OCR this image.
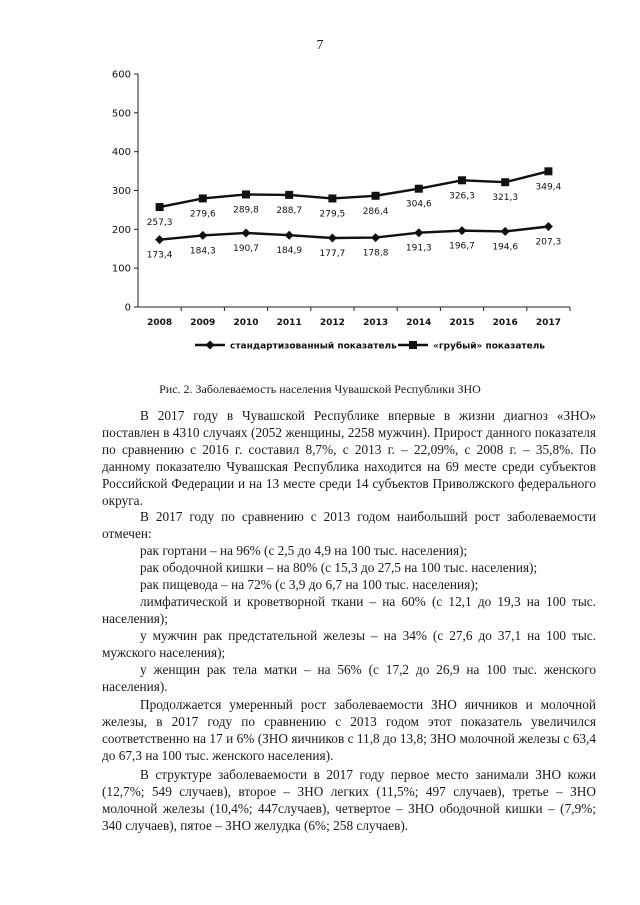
7
0
100
200
300
400
500
600
2008 2009 2010 2011 2012 2013 2014 2015 2016 2017
173,4 184,3 190,7 184,9 177,7 178,8 191,3 196,7 194,6 207,3
257,3
279,6 289,8 288,7 279,5 286,4
304,6
326,3 321,3
349,4
стандартизованный показатель	«грубый» показатель
Рис. 2. Заболеваемость населения Чувашской Республики ЗНО

В 2017 году в Чувашской Республике впервые в жизни диагноз «ЗНО» поставлен в 4310 случаях (2052 женщины, 2258 мужчин). Прирост данного показателя по сравнению с 2016 г. составил 8,7%, с 2013 г. – 22,09%, с 2008 г. – 35,8%. По данному показателю Чувашская Республика находится на 69 месте среди субъектов Российской Федерации и на 13 месте среди 14 субъектов Приволжского федерального округа.

В 2017 году по сравнению с 2013 годом наибольший рост заболеваемости отмечен:

рак гортани – на 96% (с 2,5 до 4,9 на 100 тыс. населения);

рак ободочной кишки – на 80% (с 15,3 до 27,5 на 100 тыс. населения);

рак пищевода – на 72% (с 3,9 до 6,7 на 100 тыс. населения);

лимфатической и кроветворной ткани – на 60% (с 12,1 до 19,3 на 100 тыс. населения);

у мужчин рак предстательной железы – на 34% (с 27,6 до 37,1 на 100 тыс. мужского населения);

у женщин рак тела матки – на 56% (с 17,2 до 26,9 на 100 тыс. женского населения).

Продолжается умеренный рост заболеваемости ЗНО яичников и молочной железы, в 2017 году по сравнению с 2013 годом этот показатель увеличился соответственно на 17 и 6% (ЗНО яичников с 11,8 до 13,8; ЗНО молочной железы с 63,4 до 67,3 на 100 тыс. женского населения).

В структуре заболеваемости в 2017 году первое место занимали ЗНО кожи (12,7%; 549 случаев), второе – ЗНО легких (11,5%; 497 случаев), третье – ЗНО молочной железы (10,4%; 447случаев), четвертое – ЗНО ободочной кишки – (7,9%; 340 случаев), пятое – ЗНО желудка (6%; 258 случаев).
